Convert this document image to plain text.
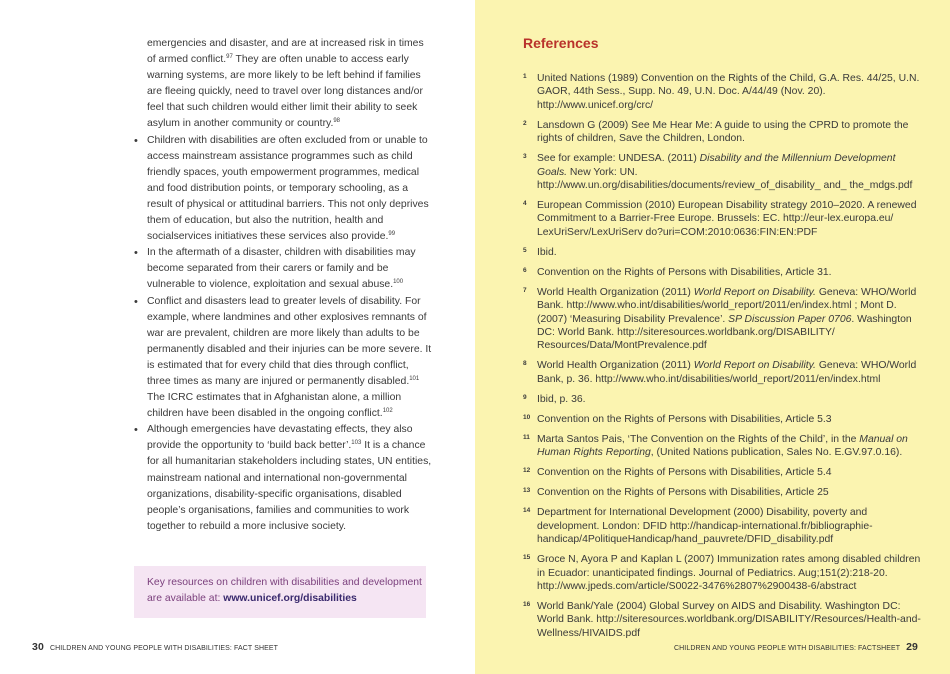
emergencies and disaster, and are at increased risk in times of armed conflict.$^{97}$ They are often unable to access early warning systems, are more likely to be left behind if families are fleeing quickly, need to travel over long distances and/or feel that such children would either limit their ability to seek asylum in another community or country.$^{98}$

• Children with disabilities are often excluded from or unable to access mainstream assistance programmes such as child friendly spaces, youth empowerment programmes, medical and food distribution points, or temporary schooling, as a result of physical or attitudinal barriers. This not only deprives them of education, but also the nutrition, health and socialservices initiatives these services also provide.$^{99}$
• In the aftermath of a disaster, children with disabilities may become separated from their carers or family and be vulnerable to violence, exploitation and sexual abuse.$^{100}$
• Conflict and disasters lead to greater levels of disability. For example, where landmines and other explosives remnants of war are prevalent, children are more likely than adults to be permanently disabled and their injuries can be more severe. It is estimated that for every child that dies through conflict, three times as many are injured or permanently disabled.$^{101}$ The ICRC estimates that in Afghanistan alone, a million children have been disabled in the ongoing conflict.$^{102}$
• Although emergencies have devastating effects, they also provide the opportunity to ‘build back better’.$^{103}$ It is a chance for all humanitarian stakeholders including states, UN entities, mainstream national and international non-governmental organizations, disability-specific organisations, disabled people’s organisations, families and communities to work together to rebuild a more inclusive society.
Key resources on children with disabilities and development are available at: www.unicef.org/disabilities
30 CHILDREN AND YOUNG PEOPLE WITH DISABILITIES: FACT SHEET
References
1 United Nations (1989) Convention on the Rights of the Child, G.A. Res. 44/25, U.N. GAOR, 44th Sess., Supp. No. 49, U.N. Doc. A/44/49 (Nov. 20). http://www.unicef.org/crc/
2 Lansdown G (2009) See Me Hear Me: A guide to using the CPRD to promote the rights of children, Save the Children, London.
3 See for example: UNDESA. (2011) Disability and the Millennium Development Goals. New York: UN. http://www.un.org/disabilities/documents/review_of_disability_ and_ the_mdgs.pdf
4 European Commission (2010) European Disability strategy 2010–2020. A renewed Commitment to a Barrier-Free Europe. Brussels: EC. http://eur-lex.europa.eu/ LexUriServ/LexUriServ do?uri=COM:2010:0636:FIN:EN:PDF
5 Ibid.
6 Convention on the Rights of Persons with Disabilities, Article 31.
7 World Health Organization (2011) World Report on Disability. Geneva: WHO/World Bank. http://www.who.int/disabilities/world_report/2011/en/index.html ; Mont D. (2007) ‘Measuring Disability Prevalence’. SP Discussion Paper 0706. Washington DC: World Bank. http://siteresources.worldbank.org/DISABILITY/ Resources/Data/MontPrevalence.pdf
8 World Health Organization (2011) World Report on Disability. Geneva: WHO/World Bank, p. 36. http://www.who.int/disabilities/world_report/2011/en/index.html
9 Ibid, p. 36.
10 Convention on the Rights of Persons with Disabilities, Article 5.3
11 Marta Santos Pais, ‘The Convention on the Rights of the Child’, in the Manual on Human Rights Reporting, (United Nations publication, Sales No. E.GV.97.0.16).
12 Convention on the Rights of Persons with Disabilities, Article 5.4
13 Convention on the Rights of Persons with Disabilities, Article 25
14 Department for International Development (2000) Disability, poverty and development. London: DFID http://handicap-international.fr/bibliographie-handicap/4PolitiqueHandicap/hand_pauvrete/DFID_disability.pdf
15 Groce N, Ayora P and Kaplan L (2007) Immunization rates among disabled children in Ecuador: unanticipated findings. Journal of Pediatrics. Aug;151(2):218-20. http://www.jpeds.com/article/S0022-3476%2807%2900438-6/abstract
16 World Bank/Yale (2004) Global Survey on AIDS and Disability. Washington DC: World Bank. http://siteresources.worldbank.org/DISABILITY/Resources/Health-and-Wellness/HIVAIDS.pdf
CHILDREN AND YOUNG PEOPLE WITH DISABILITIES: FACTSHEET 29
